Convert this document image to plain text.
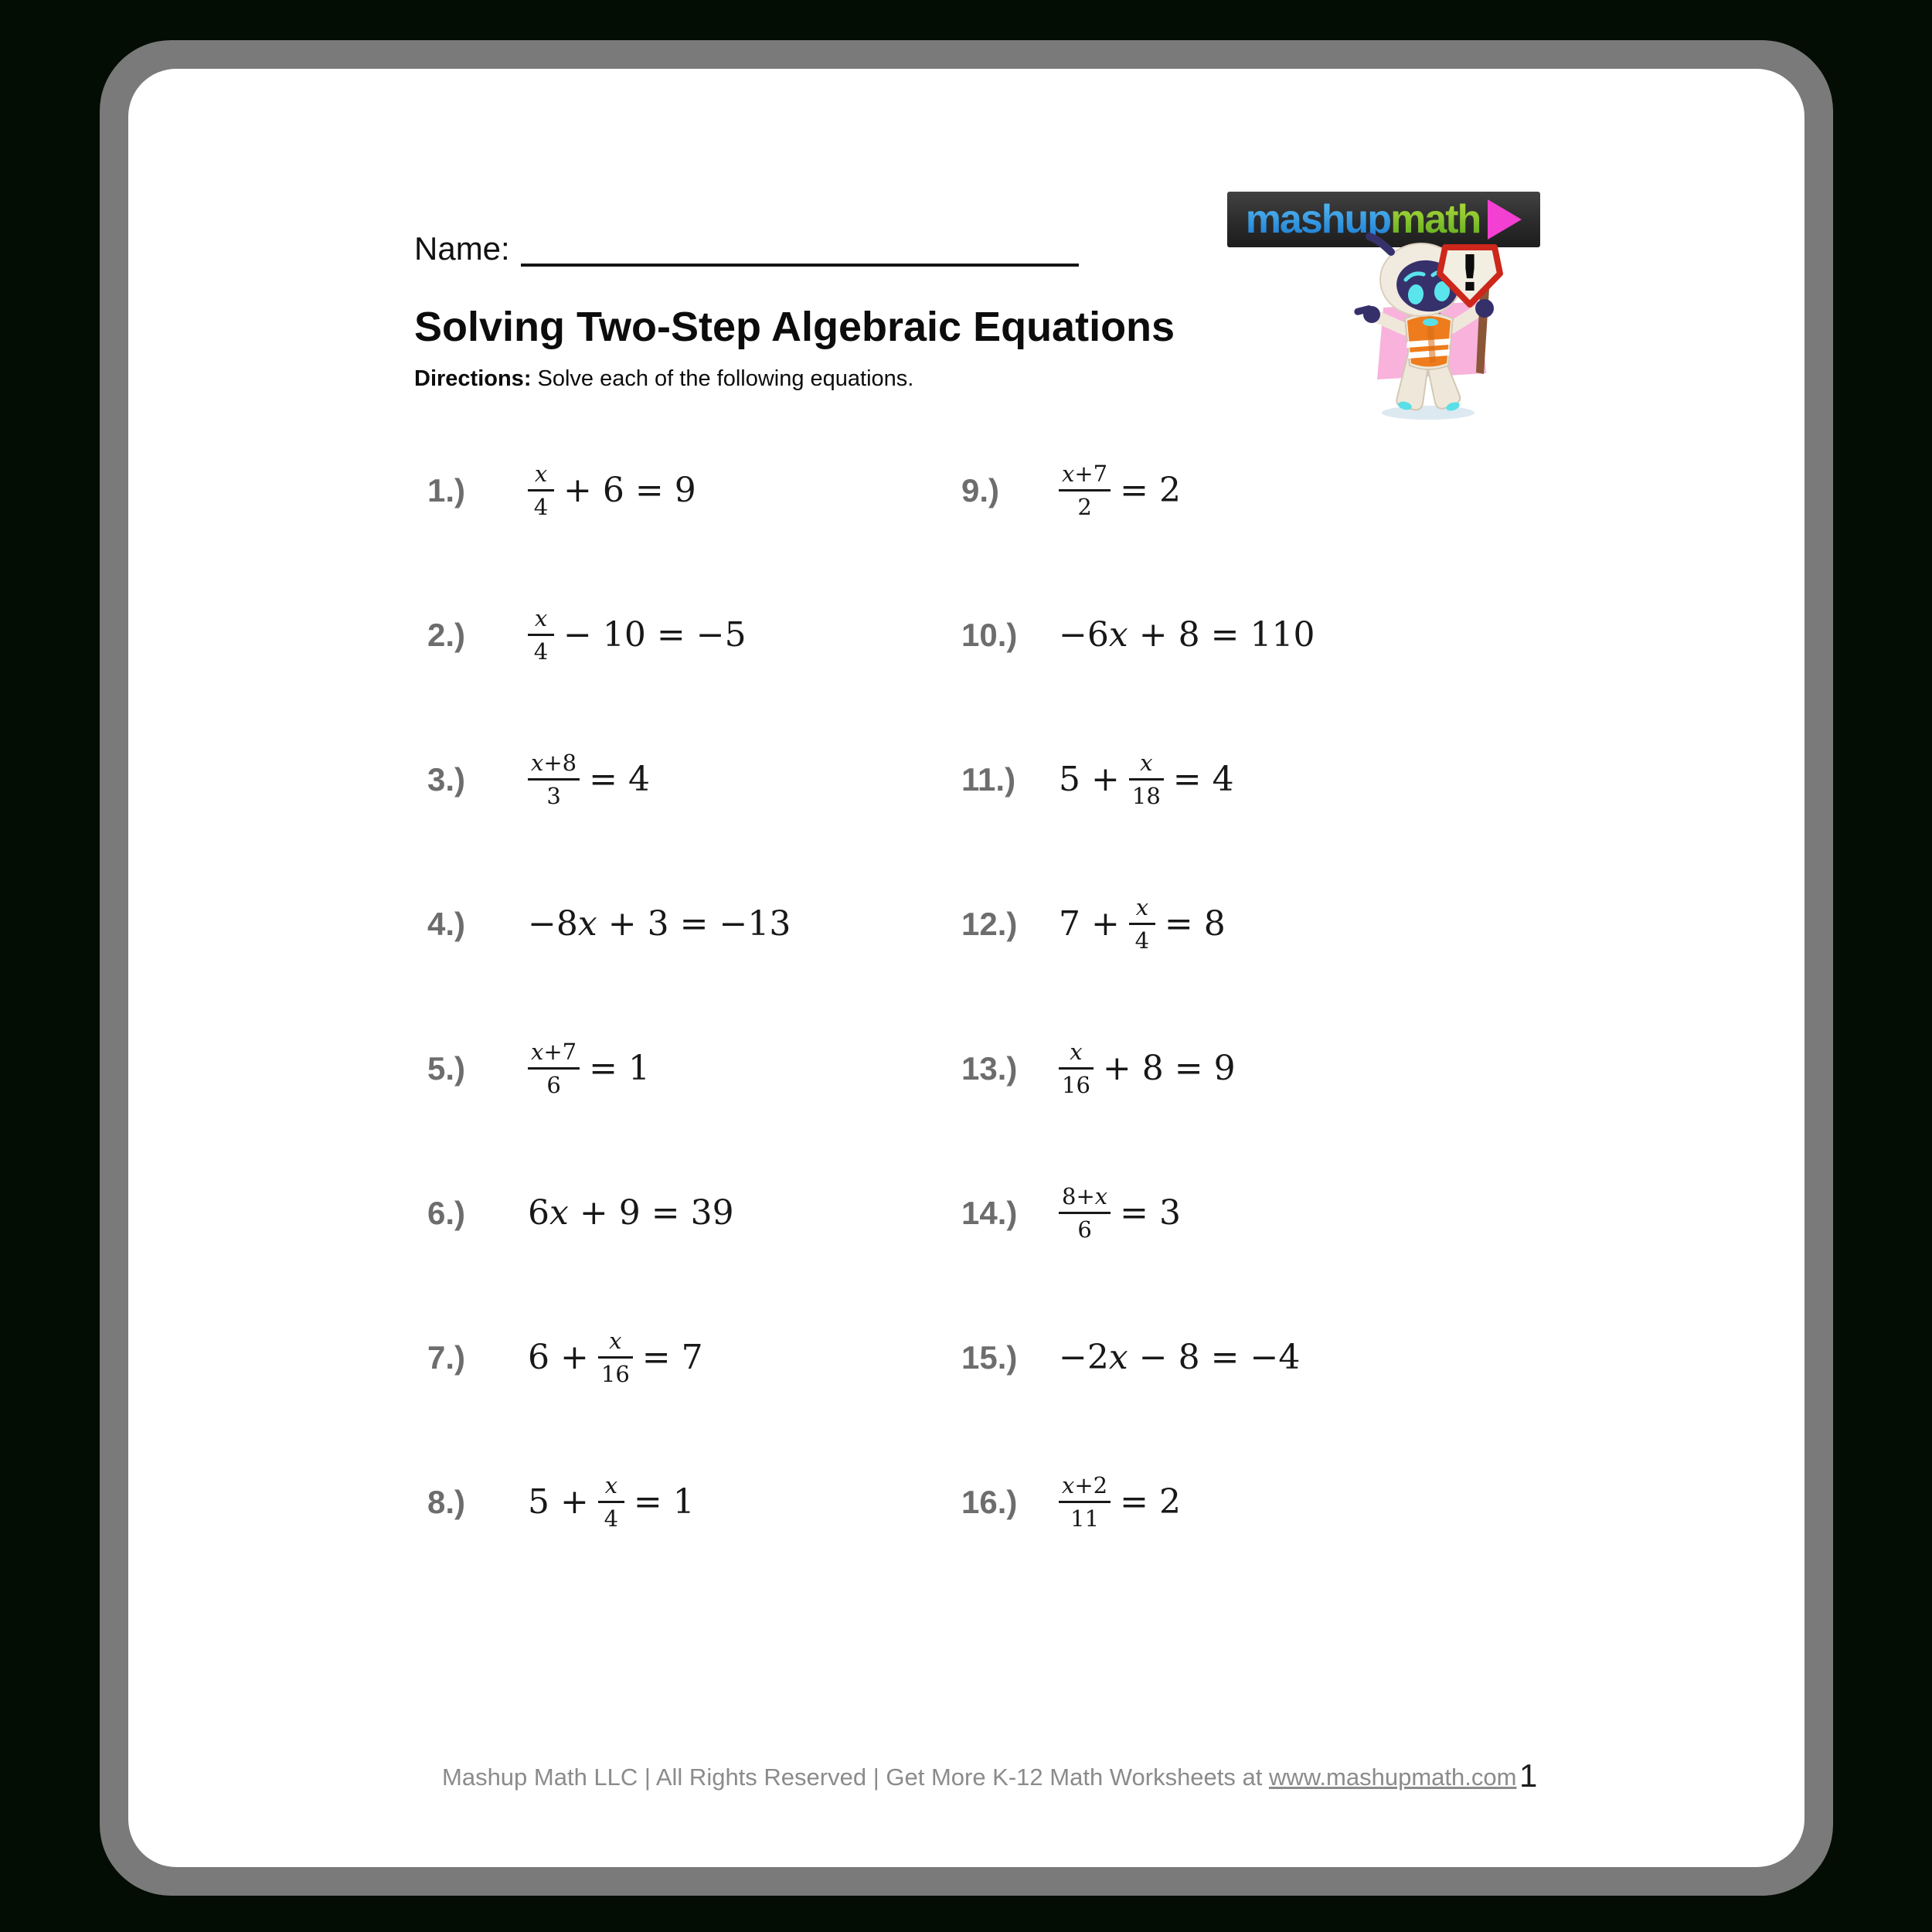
Name:
mashup math
!
Solving Two-Step Algebraic Equations

Directions: Solve each of the following equations.

1.)	$\frac{x}{4} + 6 = 9$
2.)	$\frac{x}{4} - 10 = -5$
3.)	$\frac{x+8}{3} = 4$
4.)	−8x + 3 = −13
5.)	$\frac{x+7}{6} = 1$
6.)	6x + 9 = 39
7.)	$6 + \frac{x}{16} = 7$
8.)	$5 + \frac{x}{4} = 1$
9.)	$\frac{x+7}{2} = 2$
10.)	−6x + 8 = 110
11.)	$5 + \frac{x}{18} = 4$
12.)	$7 + \frac{x}{4} = 8$
13.)	$\frac{x}{16} + 8 = 9$
14.)	$\frac{8+x}{6} = 3$
15.)	−2x − 8 = −4
16.)	$\frac{x+2}{11} = 2$
Mashup Math LLC | All Rights Reserved | Get More K-12 Math Worksheets at www.mashupmath.com 1
